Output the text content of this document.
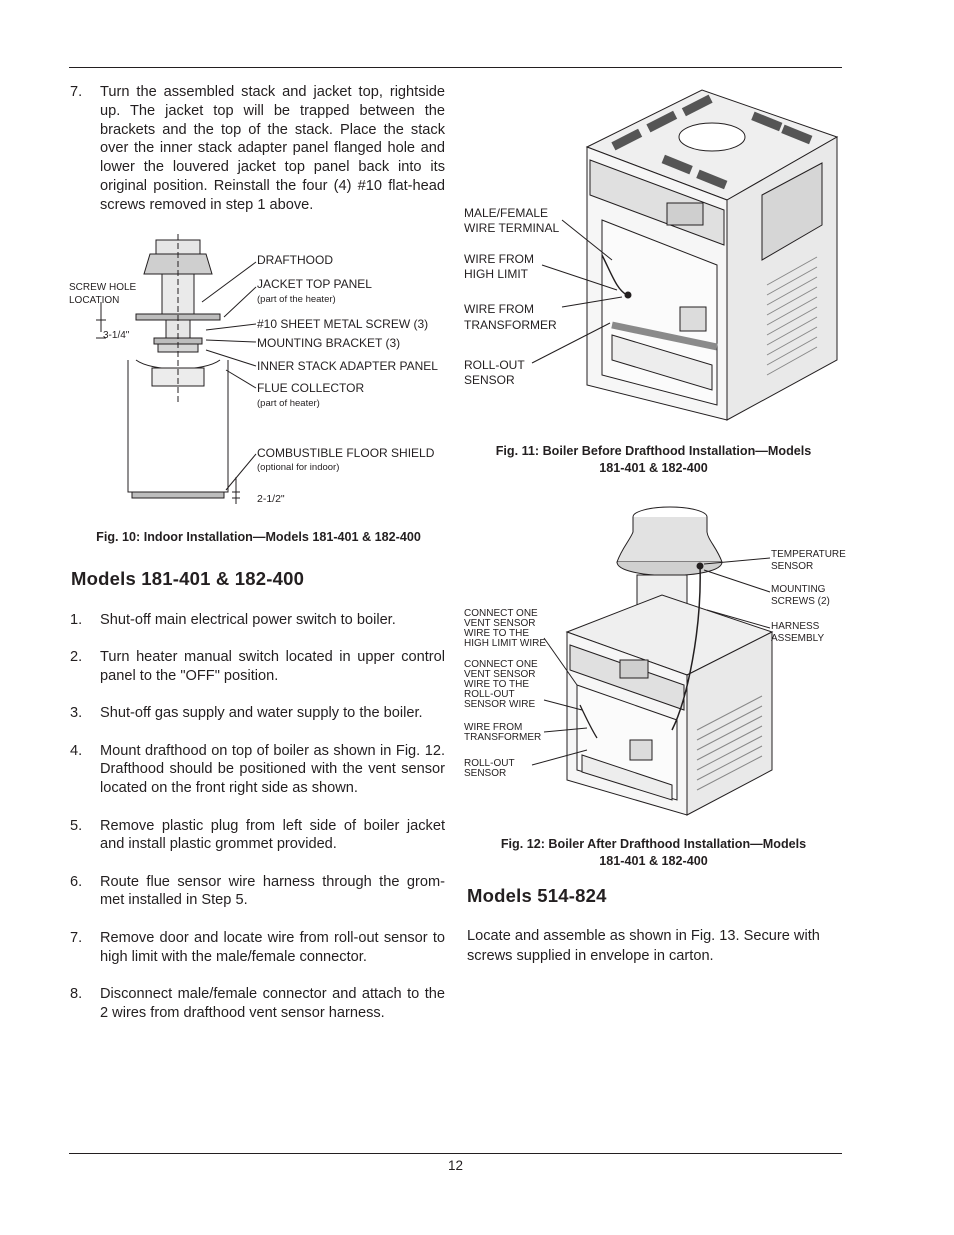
7.	Turn the assembled stack and jacket top, rightside up. The jacket top will be trapped between the brackets and the top of the stack. Place the stack over the inner stack adapter panel flanged hole and lower the louvered jacket top panel back into its original position. Reinstall the four (4) #10 flat-head screws removed in step 1 above.

DRAFTHOOD
JACKET TOP PANEL
(part of the heater)
SCREW HOLE
LOCATION
3-1/4"
#10 SHEET METAL SCREW (3)
MOUNTING BRACKET (3)
INNER STACK ADAPTER PANEL
FLUE COLLECTOR
(part of heater)
COMBUSTIBLE FLOOR SHIELD
(optional for indoor)
2-1/2"
Fig. 10: Indoor Installation—Models 181-401 & 182-400
Models 181-401 & 182-400

1.	Shut-off main electrical power switch to boiler.

2.	Turn heater manual switch located in upper control panel to the "OFF" position.

3.	Shut-off gas supply and water supply to the boiler.

4.	Mount drafthood on top of boiler as shown in Fig. 12. Drafthood should be positioned with the vent sensor located on the front right side as shown.

5.	Remove plastic plug from left side of boiler jacket and install plastic grommet provided.

6.	Route flue sensor wire harness through the grom-met installed in Step 5.

7.	Remove door and locate wire from roll-out sensor to high limit with the male/female connector.

8.	Disconnect male/female connector and attach to the 2 wires from drafthood vent sensor harness.

MALE/FEMALE
WIRE TERMINAL
WIRE FROM
HIGH LIMIT
WIRE FROM
TRANSFORMER
ROLL-OUT
SENSOR
Fig. 11: Boiler Before Drafthood Installation—Models
181-401 & 182-400
TEMPERATURE
SENSOR
MOUNTING
SCREWS (2)
HARNESS
ASSEMBLY
CONNECT ONE
VENT SENSOR
WIRE TO THE
HIGH LIMIT WIRE
CONNECT ONE
VENT SENSOR
WIRE TO THE
ROLL-OUT
SENSOR WIRE
WIRE FROM
TRANSFORMER
ROLL-OUT
SENSOR
Fig. 12: Boiler After Drafthood Installation—Models
181-401 & 182-400
Models 514-824
Locate and assemble as shown in Fig. 13. Secure with screws supplied in envelope in carton.
12
